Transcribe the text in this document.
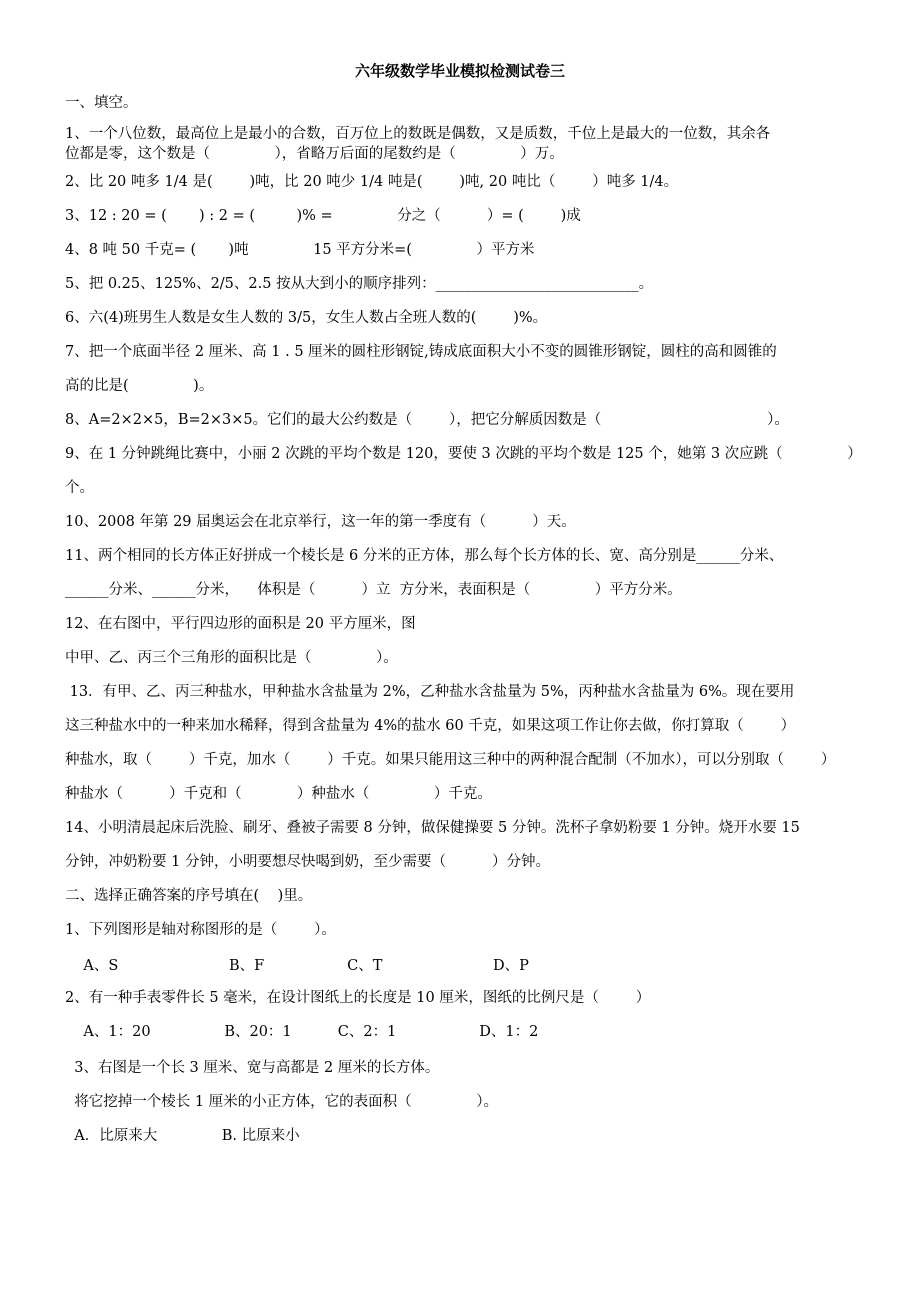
六年级数学毕业模拟检测试卷三
一、填空。
1、一个八位数，最高位上是最小的合数，百万位上的数既是偶数，又是质数，千位上是最大的一位数，其余各
位都是零，这个数是（              ），省略万后面的尾数约是（              ）万。
2、比 20 吨多 1/4 是(        )吨，比 20 吨少 1/4 吨是(        )吨, 20 吨比（        ）吨多 1/4。
3、12 : 20 = (       ) : 2 = (         )% =              分之（          ）= (        )成
4、8 吨 50 千克= (       )吨              15 平方分米=(              ）平方米
5、把 0.25、125%、2/5、2.5 按从大到小的顺序排列：____________________________。
6、六(4)班男生人数是女生人数的 3/5，女生人数占全班人数的(        )%。
7、把一个底面半径 2 厘米、高 1 . 5 厘米的圆柱形钢锭,铸成底面积大小不变的圆锥形钢锭，圆柱的高和圆锥的
高的比是(              )。
8、A=2×2×5，B=2×3×5。它们的最大公约数是（        ），把它分解质因数是（                                    ）。
9、在 1 分钟跳绳比赛中，小丽 2 次跳的平均个数是 120，要使 3 次跳的平均个数是 125 个，她第 3 次应跳（              ）
个。
10、2008 年第 29 届奥运会在北京举行，这一年的第一季度有（          ）天。
11、两个相同的长方体正好拼成一个棱长是 6 分米的正方体，那么每个长方体的长、宽、高分别是______分米、
______分米、______分米，    体积是（          ）立  方分米，表面积是（              ）平方分米。
12、在右图中，平行四边形的面积是 20 平方厘米，图
中甲、乙、丙三个三角形的面积比是（              ）。
13．有甲、乙、丙三种盐水，甲种盐水含盐量为 2%，乙种盐水含盐量为 5%，丙种盐水含盐量为 6%。现在要用
这三种盐水中的一种来加水稀释，得到含盐量为 4%的盐水 60 千克，如果这项工作让你去做，你打算取（        ）
种盐水，取（        ）千克，加水（        ）千克。如果只能用这三种中的两种混合配制（不加水），可以分别取（        ）
种盐水（          ）千克和（            ）种盐水（              ）千克。
14、小明清晨起床后洗脸、刷牙、叠被子需要 8 分钟，做保健操要 5 分钟。洗杯子拿奶粉要 1 分钟。烧开水要 15
分钟，冲奶粉要 1 分钟，小明要想尽快喝到奶，至少需要（          ）分钟。
二、选择正确答案的序号填在(    )里。
1、下列图形是轴对称图形的是（        ）。
A、S                        B、F                  C、T                        D、P
2、有一种手表零件长 5 毫米，在设计图纸上的长度是 10 厘米，图纸的比例尺是（        ）
A、1：20                B、20：1          C、2：1                  D、1：2
3、右图是一个长 3 厘米、宽与高都是 2 厘米的长方体。
将它挖掉一个棱长 1 厘米的小正方体，它的表面积（              ）。
A．比原来大              B. 比原来小
